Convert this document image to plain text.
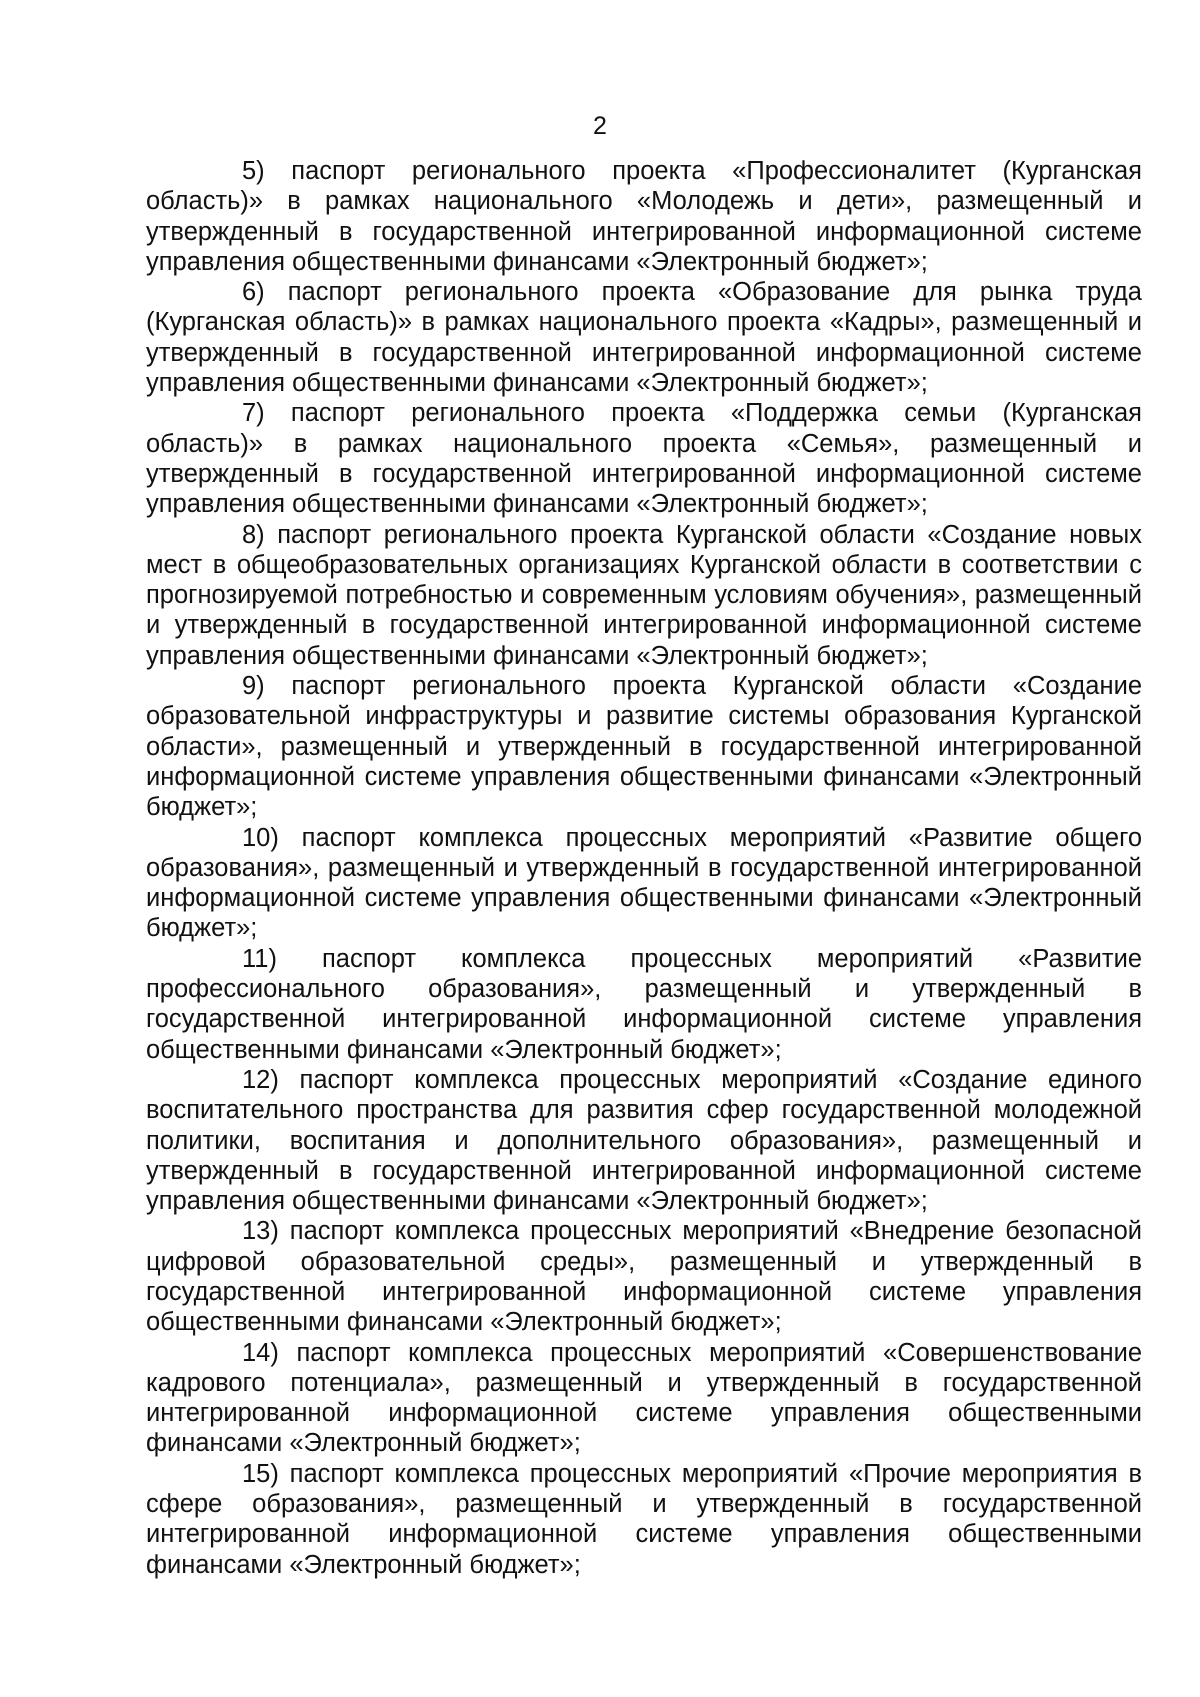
2

5) паспорт регионального проекта «Профессионалитет (Курганская область)» в рамках национального «Молодежь и дети», размещенный и утвержденный в государственной интегрированной информационной системе управления общественными финансами «Электронный бюджет»;

6) паспорт регионального проекта «Образование для рынка труда (Курганская область)» в рамках национального проекта «Кадры», размещенный и утвержденный в государственной интегрированной информационной системе управления общественными финансами «Электронный бюджет»;

7) паспорт регионального проекта «Поддержка семьи (Курганская область)» в рамках национального проекта «Семья», размещенный и утвержденный в государственной интегрированной информационной системе управления общественными финансами «Электронный бюджет»;

8) паспорт регионального проекта Курганской области «Создание новых мест в общеобразовательных организациях Курганской области в соответствии с прогнозируемой потребностью и современным условиям обучения», размещенный и утвержденный в государственной интегрированной информационной системе управления общественными финансами «Электронный бюджет»;

9) паспорт регионального проекта Курганской области «Создание образовательной инфраструктуры и развитие системы образования Курганской области», размещенный и утвержденный в государственной интегрированной информационной системе управления общественными финансами «Электронный бюджет»;

10) паспорт комплекса процессных мероприятий «Развитие общего образования», размещенный и утвержденный в государственной интегрированной информационной системе управления общественными финансами «Электронный бюджет»;

11) паспорт комплекса процессных мероприятий «Развитие профессионального образования», размещенный и утвержденный в государственной интегрированной информационной системе управления общественными финансами «Электронный бюджет»;

12) паспорт комплекса процессных мероприятий «Создание единого воспитательного пространства для развития сфер государственной молодежной политики, воспитания и дополнительного образования», размещенный и утвержденный в государственной интегрированной информационной системе управления общественными финансами «Электронный бюджет»;

13) паспорт комплекса процессных мероприятий «Внедрение безопасной цифровой образовательной среды», размещенный и утвержденный в государственной интегрированной информационной системе управления общественными финансами «Электронный бюджет»;

14) паспорт комплекса процессных мероприятий «Совершенствование кадрового потенциала», размещенный и утвержденный в государственной интегрированной информационной системе управления общественными финансами «Электронный бюджет»;

15) паспорт комплекса процессных мероприятий «Прочие мероприятия в сфере образования», размещенный и утвержденный в государственной интегрированной информационной системе управления общественными финансами «Электронный бюджет»;
